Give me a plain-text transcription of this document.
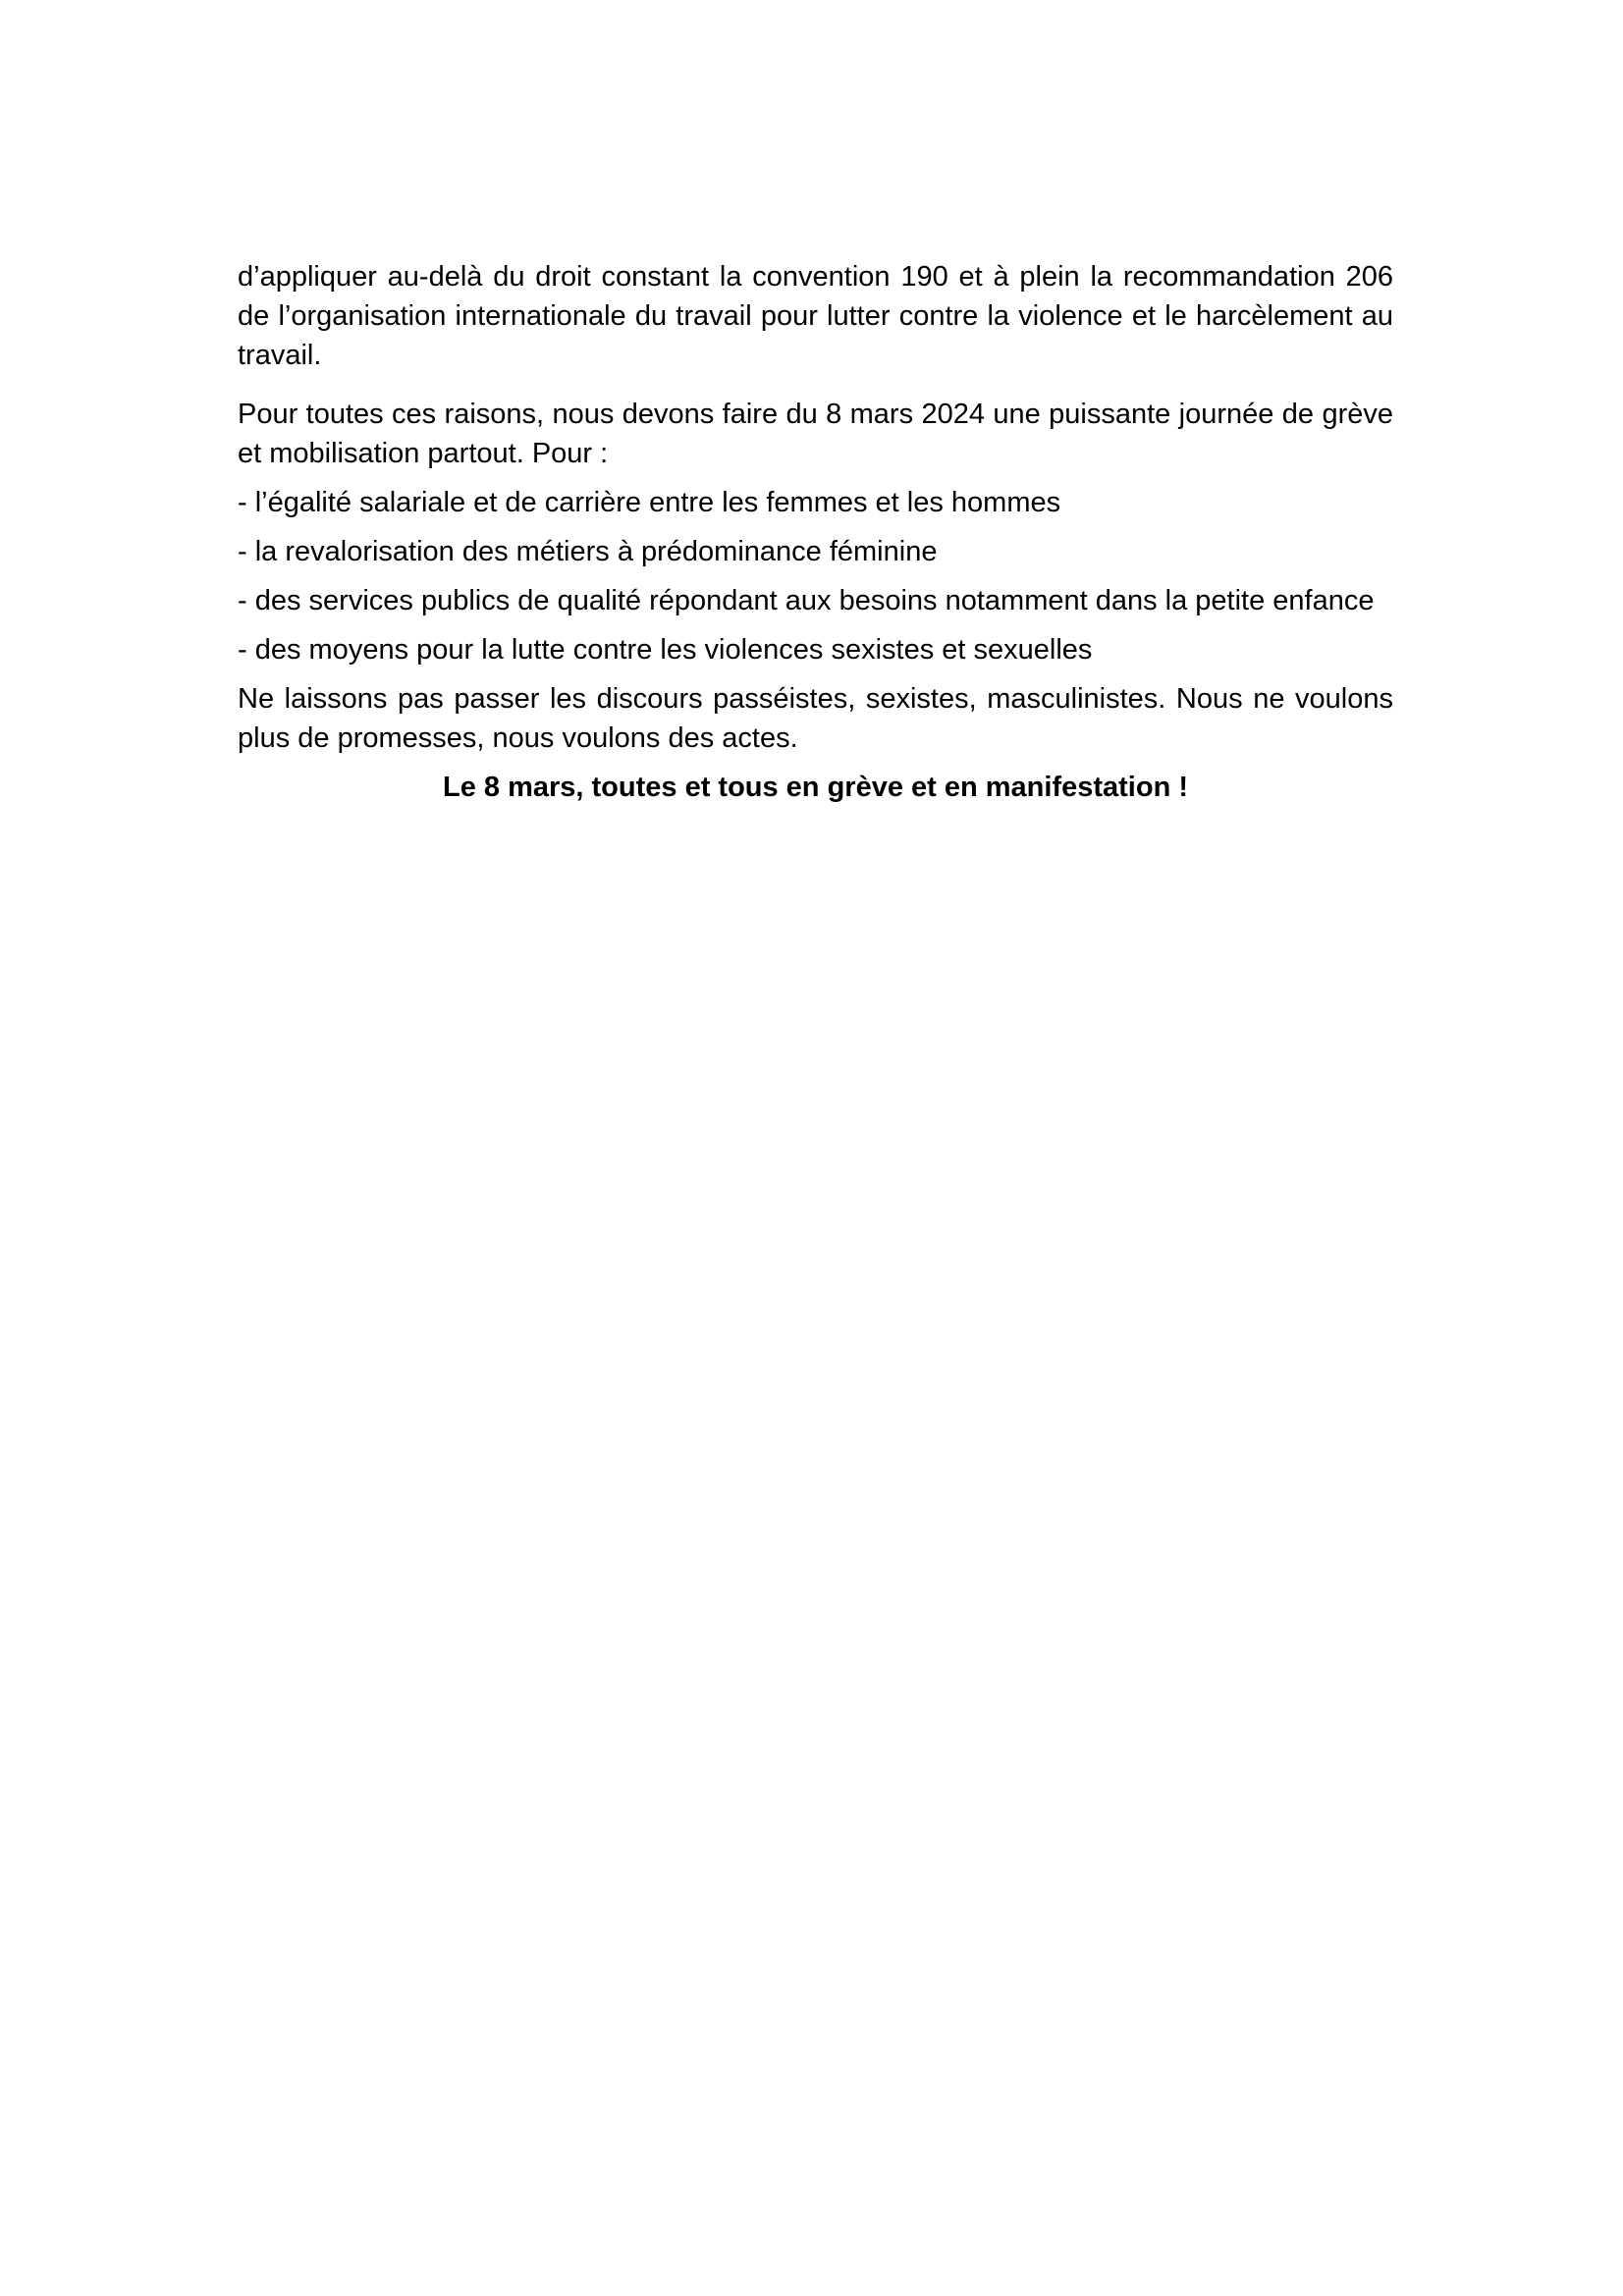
d’appliquer au-delà du droit constant la convention 190 et à plein la recommandation 206 de l’organisation internationale du travail pour lutter contre la violence et le harcèlement au travail.

Pour toutes ces raisons, nous devons faire du 8 mars 2024 une puissante journée de grève et mobilisation partout. Pour :

- l’égalité salariale et de carrière entre les femmes et les hommes
- la revalorisation des métiers à prédominance féminine
- des services publics de qualité répondant aux besoins notamment dans la petite enfance
- des moyens pour la lutte contre les violences sexistes et sexuelles

Ne laissons pas passer les discours passéistes, sexistes, masculinistes. Nous ne voulons plus de promesses, nous voulons des actes.

Le 8 mars, toutes et tous en grève et en manifestation !
